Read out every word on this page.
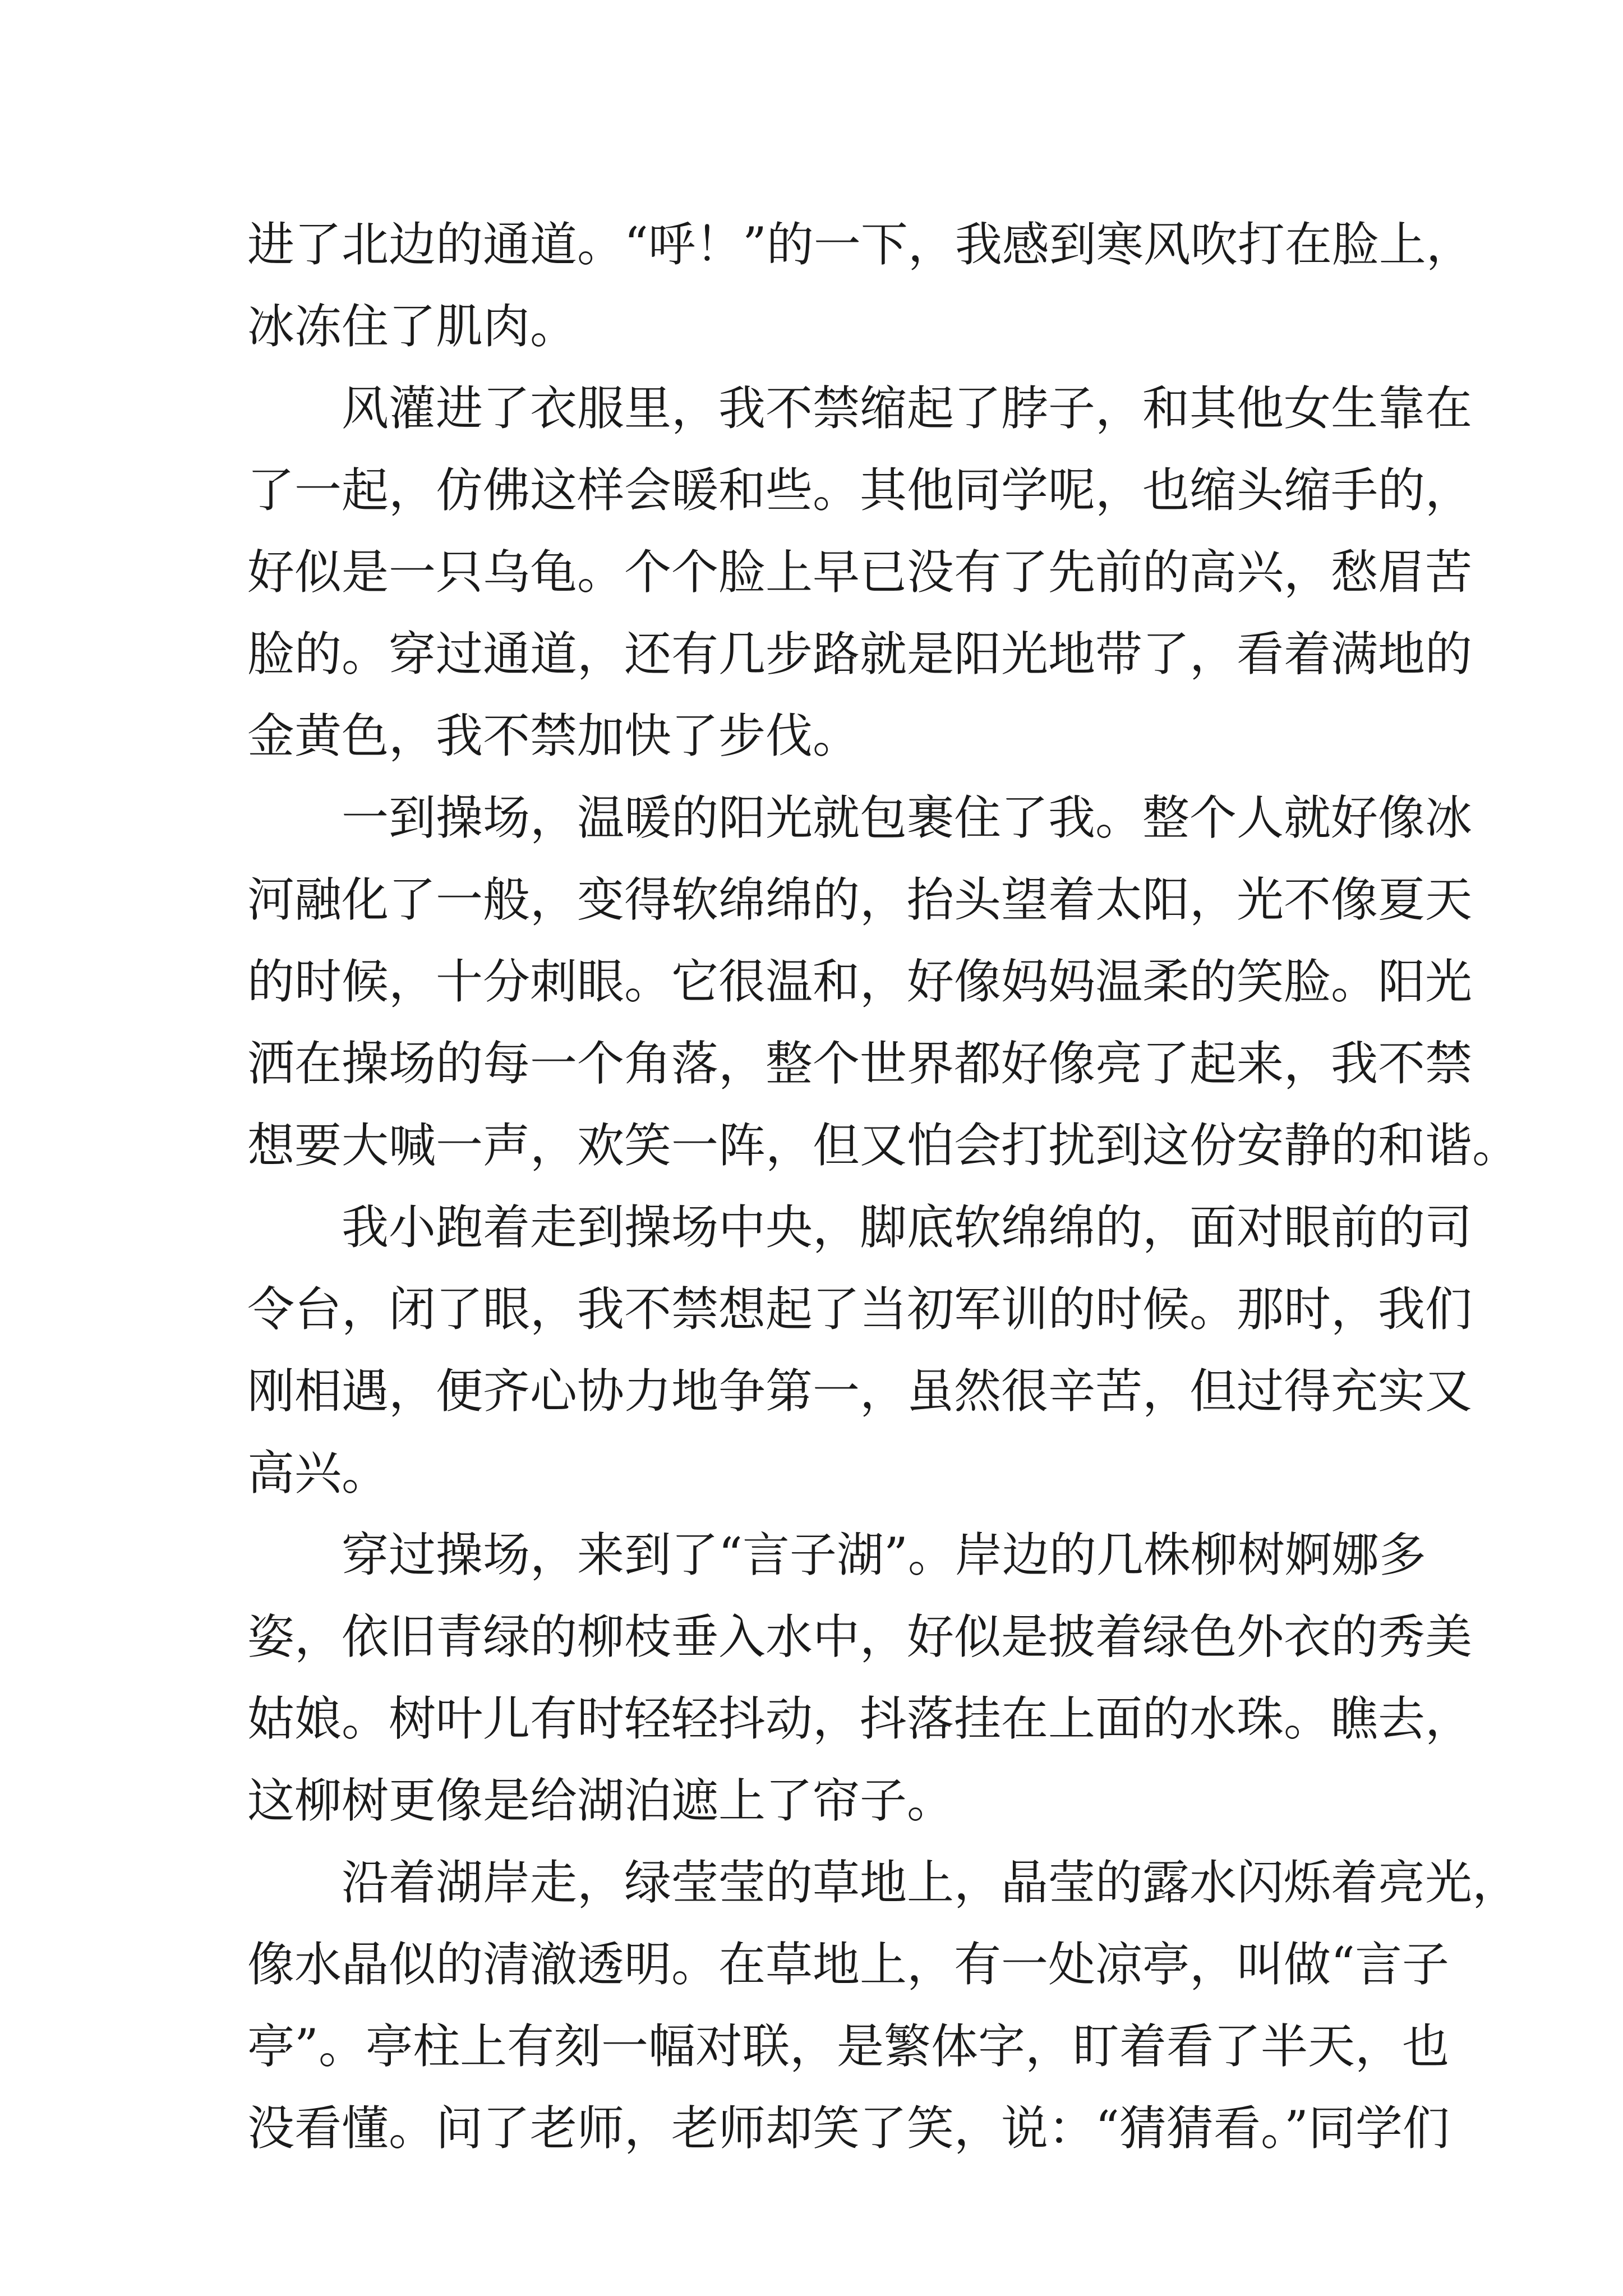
进了北边的通道。“呼！”的一下，我感到寒风吹打在脸上，
冰冻住了肌肉。
风灌进了衣服里，我不禁缩起了脖子，和其他女生靠在
了一起，仿佛这样会暖和些。其他同学呢，也缩头缩手的，
好似是一只乌龟。个个脸上早已没有了先前的高兴，愁眉苦
脸的。穿过通道，还有几步路就是阳光地带了，看着满地的
金黄色，我不禁加快了步伐。
一到操场，温暖的阳光就包裹住了我。整个人就好像冰
河融化了一般，变得软绵绵的，抬头望着太阳，光不像夏天
的时候，十分刺眼。它很温和，好像妈妈温柔的笑脸。阳光
洒在操场的每一个角落，整个世界都好像亮了起来，我不禁
想要大喊一声，欢笑一阵，但又怕会打扰到这份安静的和谐。
我小跑着走到操场中央，脚底软绵绵的，面对眼前的司
令台，闭了眼，我不禁想起了当初军训的时候。那时，我们
刚相遇，便齐心协力地争第一，虽然很辛苦，但过得充实又
高兴。
穿过操场，来到了“言子湖”。岸边的几株柳树婀娜多
姿，依旧青绿的柳枝垂入水中，好似是披着绿色外衣的秀美
姑娘。树叶儿有时轻轻抖动，抖落挂在上面的水珠。瞧去，
这柳树更像是给湖泊遮上了帘子。
沿着湖岸走，绿莹莹的草地上，晶莹的露水闪烁着亮光，
像水晶似的清澈透明。在草地上，有一处凉亭，叫做“言子
亭”。亭柱上有刻一幅对联，是繁体字，盯着看了半天，也
没看懂。问了老师，老师却笑了笑，说：“猜猜看。”同学们
